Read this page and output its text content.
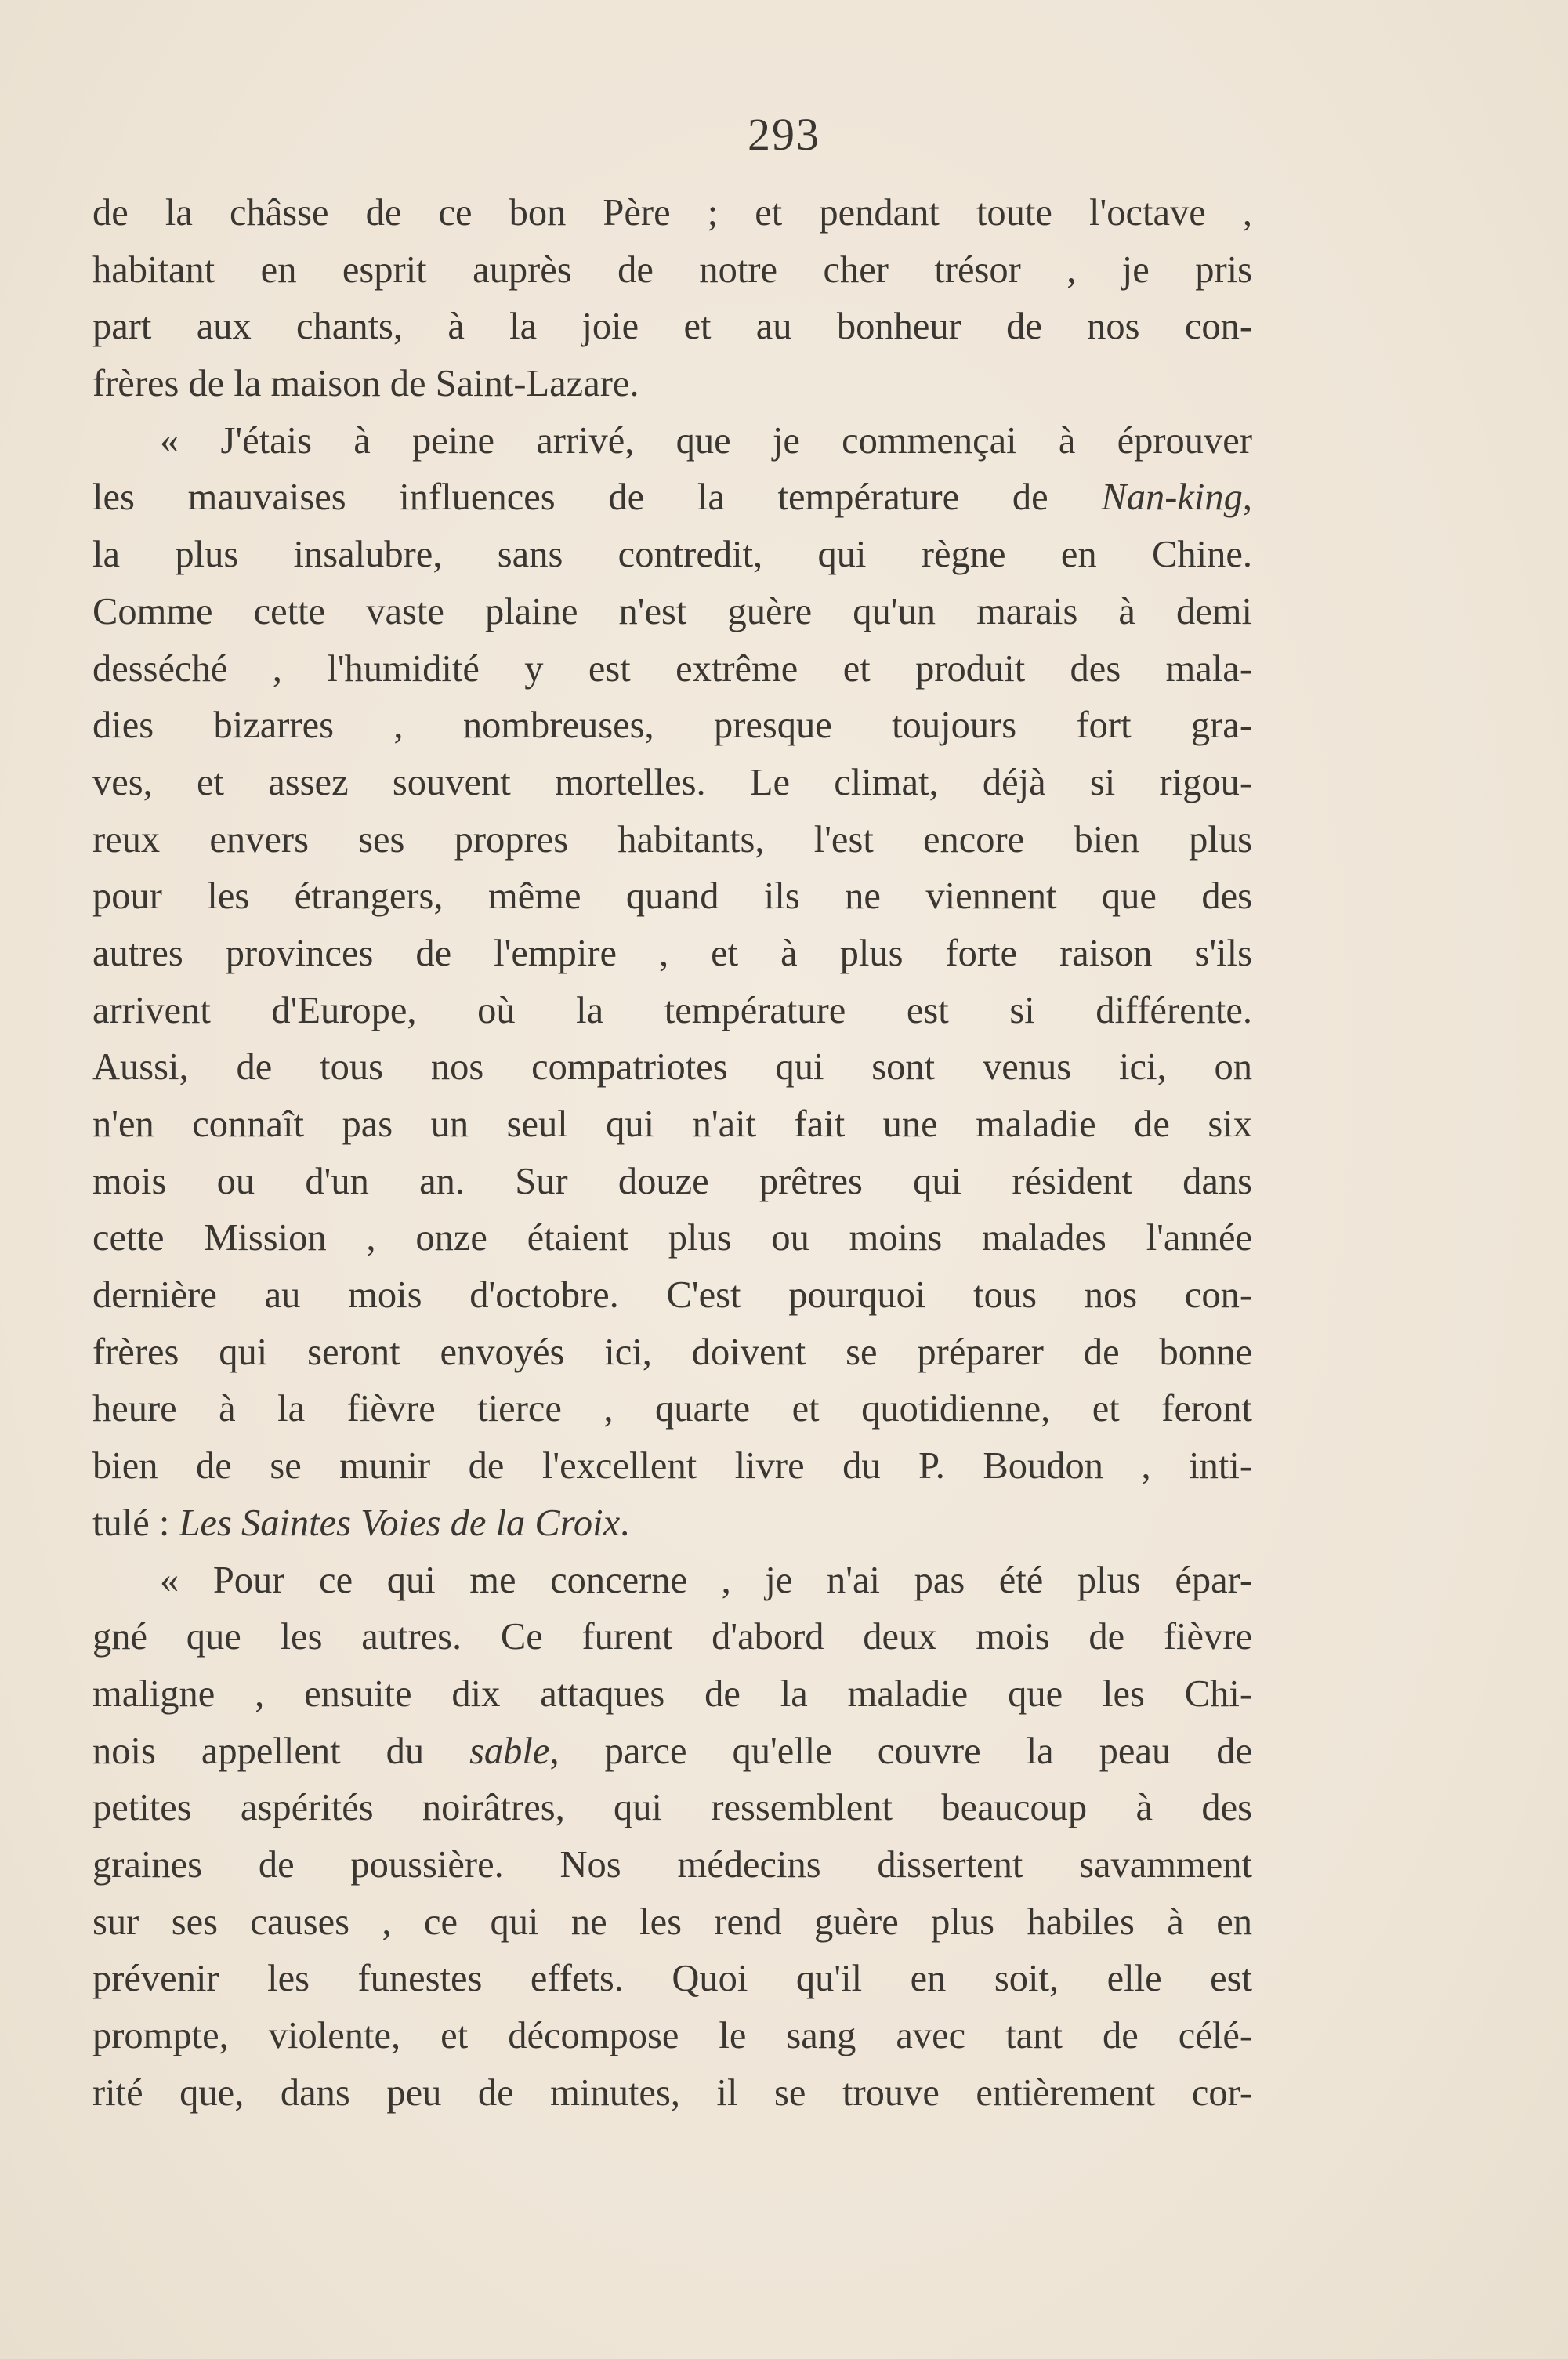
293
de la châsse de ce bon Père ; et pendant toute l'octave ,
habitant en esprit auprès de notre cher trésor , je pris
part aux chants, à la joie et au bonheur de nos con-
frères de la maison de Saint-Lazare.
« J'étais à peine arrivé, que je commençai à éprouver
les mauvaises influences de la température de Nan-king,
la plus insalubre, sans contredit, qui règne en Chine.
Comme cette vaste plaine n'est guère qu'un marais à demi
desséché , l'humidité y est extrême et produit des mala-
dies bizarres , nombreuses, presque toujours fort gra-
ves, et assez souvent mortelles. Le climat, déjà si rigou-
reux envers ses propres habitants, l'est encore bien plus
pour les étrangers, même quand ils ne viennent que des
autres provinces de l'empire , et à plus forte raison s'ils
arrivent d'Europe, où la température est si différente.
Aussi, de tous nos compatriotes qui sont venus ici, on
n'en connaît pas un seul qui n'ait fait une maladie de six
mois ou d'un an. Sur douze prêtres qui résident dans
cette Mission , onze étaient plus ou moins malades l'année
dernière au mois d'octobre. C'est pourquoi tous nos con-
frères qui seront envoyés ici, doivent se préparer de bonne
heure à la fièvre tierce , quarte et quotidienne, et feront
bien de se munir de l'excellent livre du P. Boudon , inti-
tulé : Les Saintes Voies de la Croix.
« Pour ce qui me concerne , je n'ai pas été plus épar-
gné que les autres. Ce furent d'abord deux mois de fièvre
maligne , ensuite dix attaques de la maladie que les Chi-
nois appellent du sable, parce qu'elle couvre la peau de
petites aspérités noirâtres, qui ressemblent beaucoup à des
graines de poussière. Nos médecins dissertent savamment
sur ses causes , ce qui ne les rend guère plus habiles à en
prévenir les funestes effets. Quoi qu'il en soit, elle est
prompte, violente, et décompose le sang avec tant de célé-
rité que, dans peu de minutes, il se trouve entièrement cor-
